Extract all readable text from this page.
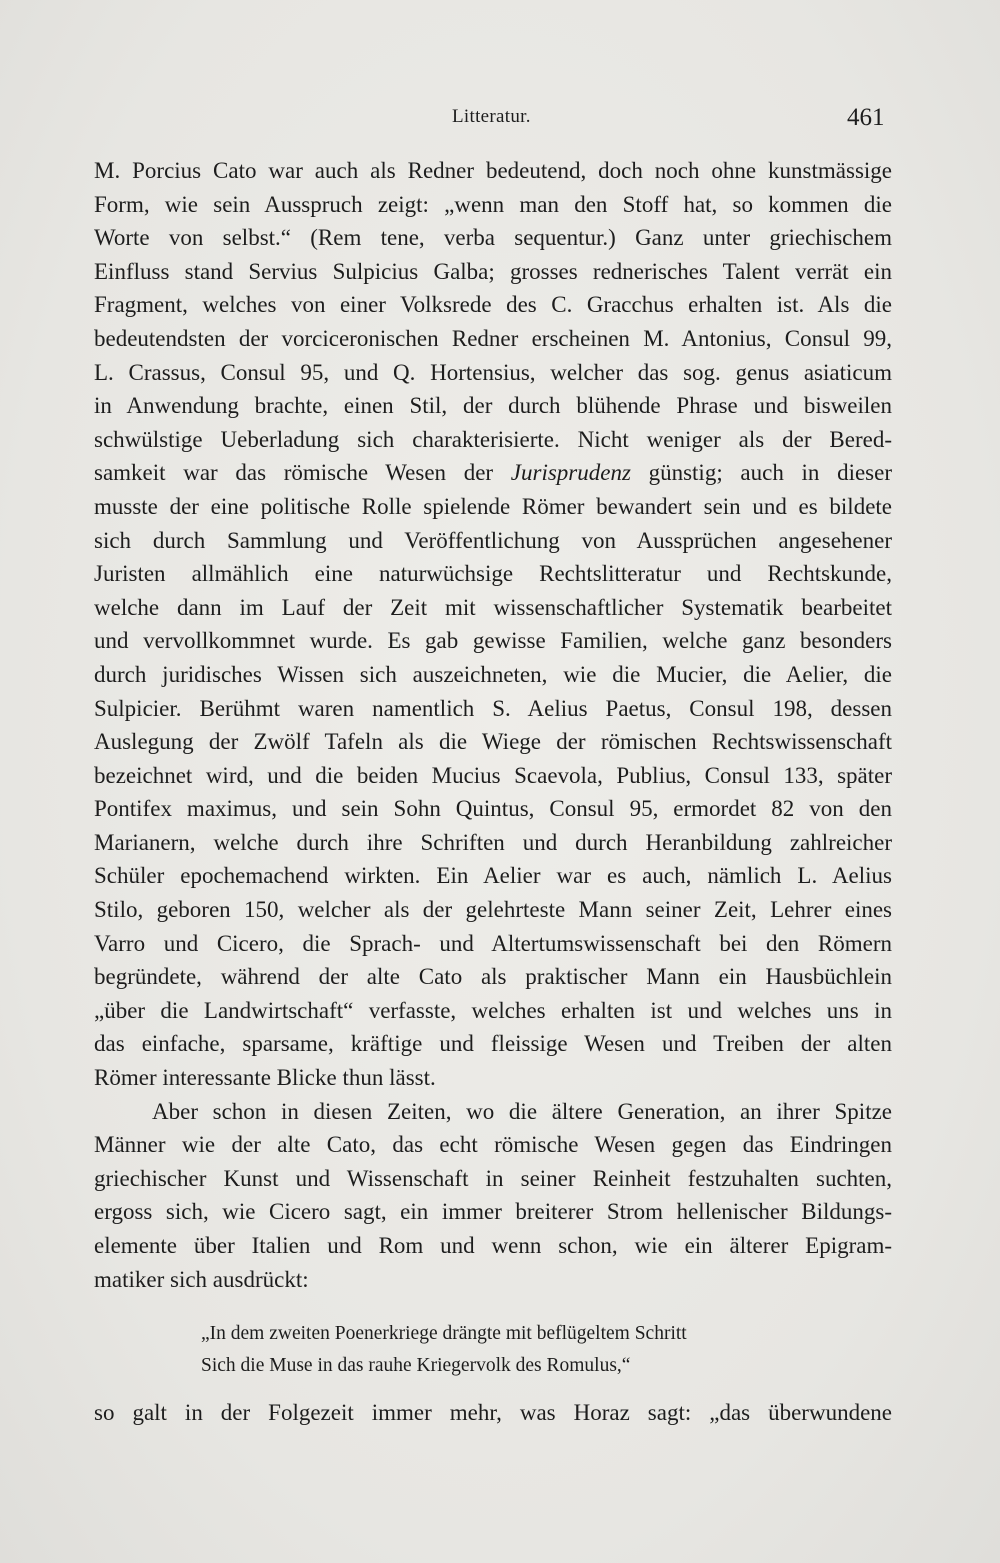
Litteratur.	461
M. Porcius Cato war auch als Redner bedeutend, doch noch ohne kunstmässige
Form, wie sein Ausspruch zeigt: „wenn man den Stoff hat, so kommen die
Worte von selbst.“ (Rem tene, verba sequentur.) Ganz unter griechischem
Einfluss stand Servius Sulpicius Galba; grosses rednerisches Talent verrät ein
Fragment, welches von einer Volksrede des C. Gracchus erhalten ist. Als die
bedeutendsten der vorciceronischen Redner erscheinen M. Antonius, Consul 99,
L. Crassus, Consul 95, und Q. Hortensius, welcher das sog. genus asiaticum
in Anwendung brachte, einen Stil, der durch blühende Phrase und bisweilen
schwülstige Ueberladung sich charakterisierte. Nicht weniger als der Bered-
samkeit war das römische Wesen der Jurisprudenz günstig; auch in dieser
musste der eine politische Rolle spielende Römer bewandert sein und es bildete
sich durch Sammlung und Veröffentlichung von Aussprüchen angesehener
Juristen allmählich eine naturwüchsige Rechtslitteratur und Rechtskunde,
welche dann im Lauf der Zeit mit wissenschaftlicher Systematik bearbeitet
und vervollkommnet wurde. Es gab gewisse Familien, welche ganz besonders
durch juridisches Wissen sich auszeichneten, wie die Mucier, die Aelier, die
Sulpicier. Berühmt waren namentlich S. Aelius Paetus, Consul 198, dessen
Auslegung der Zwölf Tafeln als die Wiege der römischen Rechtswissenschaft
bezeichnet wird, und die beiden Mucius Scaevola, Publius, Consul 133, später
Pontifex maximus, und sein Sohn Quintus, Consul 95, ermordet 82 von den
Marianern, welche durch ihre Schriften und durch Heranbildung zahlreicher
Schüler epochemachend wirkten. Ein Aelier war es auch, nämlich L. Aelius
Stilo, geboren 150, welcher als der gelehrteste Mann seiner Zeit, Lehrer eines
Varro und Cicero, die Sprach- und Altertumswissenschaft bei den Römern
begründete, während der alte Cato als praktischer Mann ein Hausbüchlein
„über die Landwirtschaft“ verfasste, welches erhalten ist und welches uns in
das einfache, sparsame, kräftige und fleissige Wesen und Treiben der alten
Römer interessante Blicke thun lässt.
Aber schon in diesen Zeiten, wo die ältere Generation, an ihrer Spitze
Männer wie der alte Cato, das echt römische Wesen gegen das Eindringen
griechischer Kunst und Wissenschaft in seiner Reinheit festzuhalten suchten,
ergoss sich, wie Cicero sagt, ein immer breiterer Strom hellenischer Bildungs-
elemente über Italien und Rom und wenn schon, wie ein älterer Epigram-
matiker sich ausdrückt:
„In dem zweiten Poenerkriege drängte mit beflügeltem Schritt
Sich die Muse in das rauhe Kriegervolk des Romulus,“
so galt in der Folgezeit immer mehr, was Horaz sagt: „das überwundene
